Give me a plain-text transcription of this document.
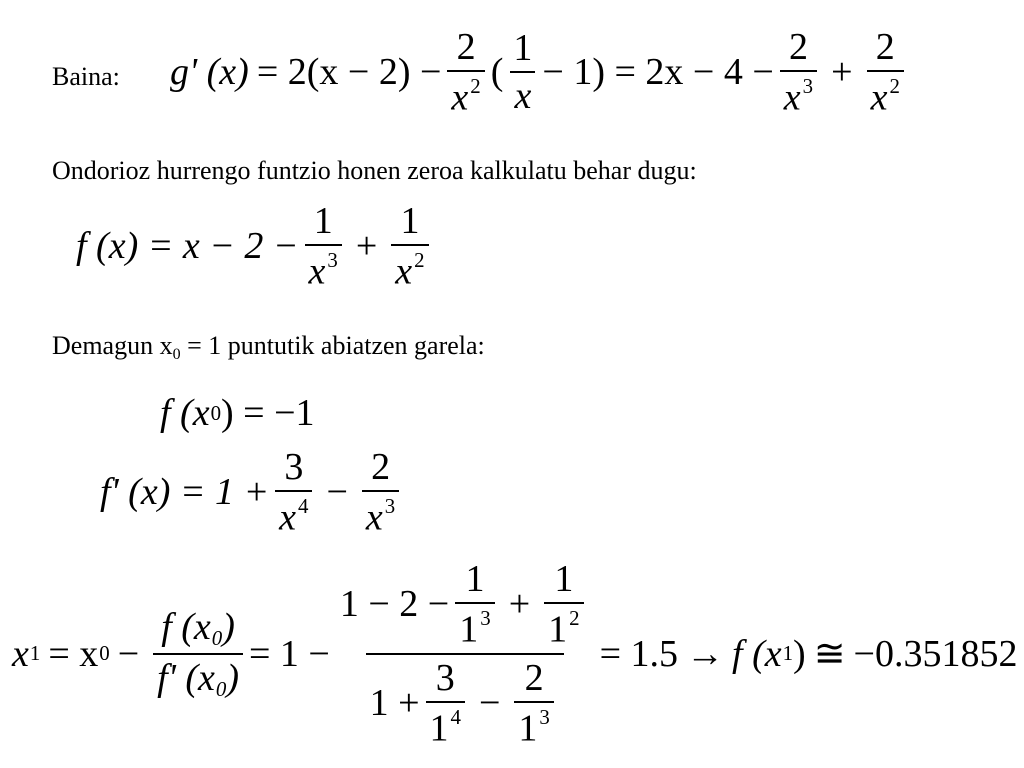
Baina: g' $(x) = 2(x - 2) - \frac{2}{x^2}$ ( $\frac{1}{x} - 1) = 2x - 4 - \frac{2}{x^3} + \frac{2}{x^2}$
Ondorioz hurrengo funtzio honen zeroa kalkulatu behar dugu:
f $(x) = x - 2 - \frac{1}{x^3} + \frac{1}{x^2}$
Demagun x0 = 1 puntutik abiatzen garela:
f (x 0 ) = −1
f' $(x) = 1 + \frac{3}{x^4} - \frac{2}{x^3}$
x 1 = x $0 - \frac{f (x_0)}{f' (x_0)} = 1$ −
$1 - 2 - \frac{1}{1^3} + \frac{1}{1^2}$
$1 + \frac{3}{1^4} - \frac{2}{1^3}$
= 1.5 → f (x 1 ) ≅ −0.351852
